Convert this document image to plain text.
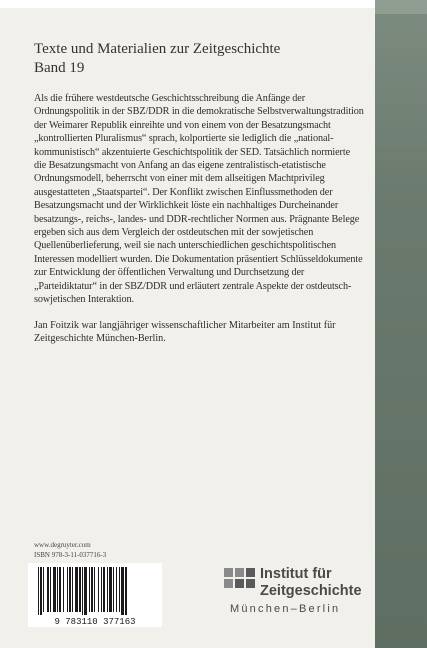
Texte und Materialien zur Zeitgeschichte
Band 19
Als die frühere westdeutsche Geschichtsschreibung die Anfänge der Ordnungspolitik in der SBZ/DDR in die demokratische Selbstverwaltungstradition der Weimarer Republik einreihte und von einem von der Besatzungsmacht „kontrollierten Pluralismus“ sprach, kolportierte sie lediglich die „national-kommunistisch“ akzentuierte Geschichtspolitik der SED. Tatsächlich normierte die Besatzungsmacht von Anfang an das eigene zentralistisch-etatistische Ordnungsmodell, beherrscht von einer mit dem allseitigen Machtprivileg ausgestatteten „Staatspartei“. Der Konflikt zwischen Einflussmethoden der Besatzungsmacht und der Wirklichkeit löste ein nachhaltiges Durcheinander besatzungs-, reichs-, landes- und DDR-rechtlicher Normen aus. Prägnante Belege ergeben sich aus dem Vergleich der ostdeutschen mit der sowjetischen Quellenüberlieferung, weil sie nach unterschiedlichen geschichtspolitischen Interessen modelliert wurden. Die Dokumentation präsentiert Schlüsseldokumente zur Entwicklung der öffentlichen Verwaltung und Durchsetzung der „Parteidiktatur“ in der SBZ/DDR und erläutert zentrale Aspekte der ostdeutsch-sowjetischen Interaktion.
Jan Foitzik war langjähriger wissenschaftlicher Mitarbeiter am Institut für Zeitgeschichte München-Berlin.
www.degruyter.com
ISBN 978-3-11-037716-3
9 783110 377163
Institut für
Zeitgeschichte
München–Berlin
